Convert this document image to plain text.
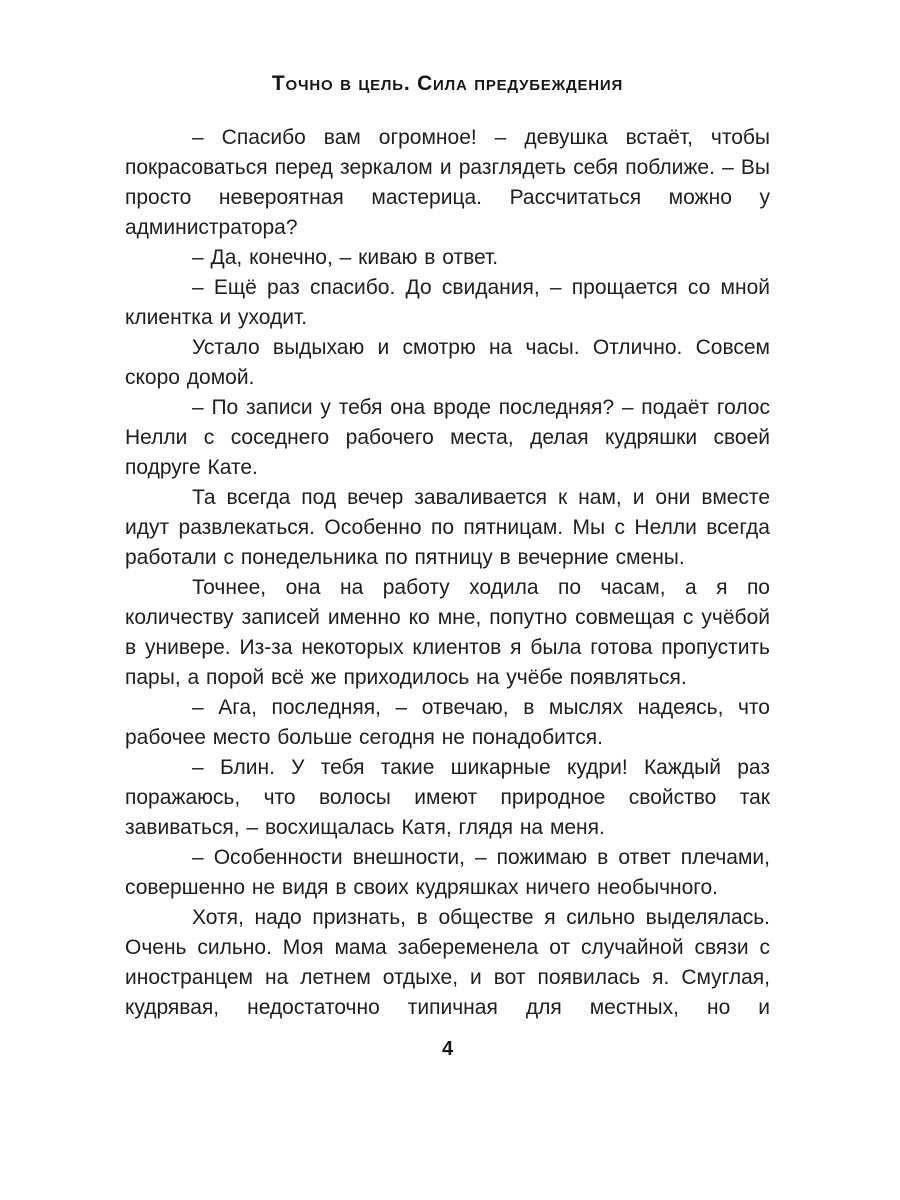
Точно в цель. Сила предубеждения

– Спасибо вам огромное! – девушка встаёт, чтобы покрасоваться перед зеркалом и разглядеть себя поближе. – Вы просто невероятная мастерица. Рассчитаться можно у администратора?

– Да, конечно, – киваю в ответ.

– Ещё раз спасибо. До свидания, – прощается со мной клиентка и уходит.

Устало выдыхаю и смотрю на часы. Отлично. Совсем скоро домой.

– По записи у тебя она вроде последняя? – подаёт голос Нелли с соседнего рабочего места, делая кудряшки своей подруге Кате.

Та всегда под вечер заваливается к нам, и они вместе идут развлекаться. Особенно по пятницам. Мы с Нелли всегда работали с понедельника по пятницу в вечерние смены.

Точнее, она на работу ходила по часам, а я по количеству записей именно ко мне, попутно совмещая с учёбой в универе. Из-за некоторых клиентов я была готова пропустить пары, а порой всё же приходилось на учёбе появляться.

– Ага, последняя, – отвечаю, в мыслях надеясь, что рабочее место больше сегодня не понадобится.

– Блин. У тебя такие шикарные кудри! Каждый раз поражаюсь, что волосы имеют природное свойство так завиваться, – восхищалась Катя, глядя на меня.

– Особенности внешности, – пожимаю в ответ плечами, совершенно не видя в своих кудряшках ничего необычного.

Хотя, надо признать, в обществе я сильно выделялась. Очень сильно. Моя мама забеременела от случайной связи с иностранцем на летнем отдыхе, и вот появилась я. Смуглая, кудрявая, недостаточно типичная для местных, но и

4
